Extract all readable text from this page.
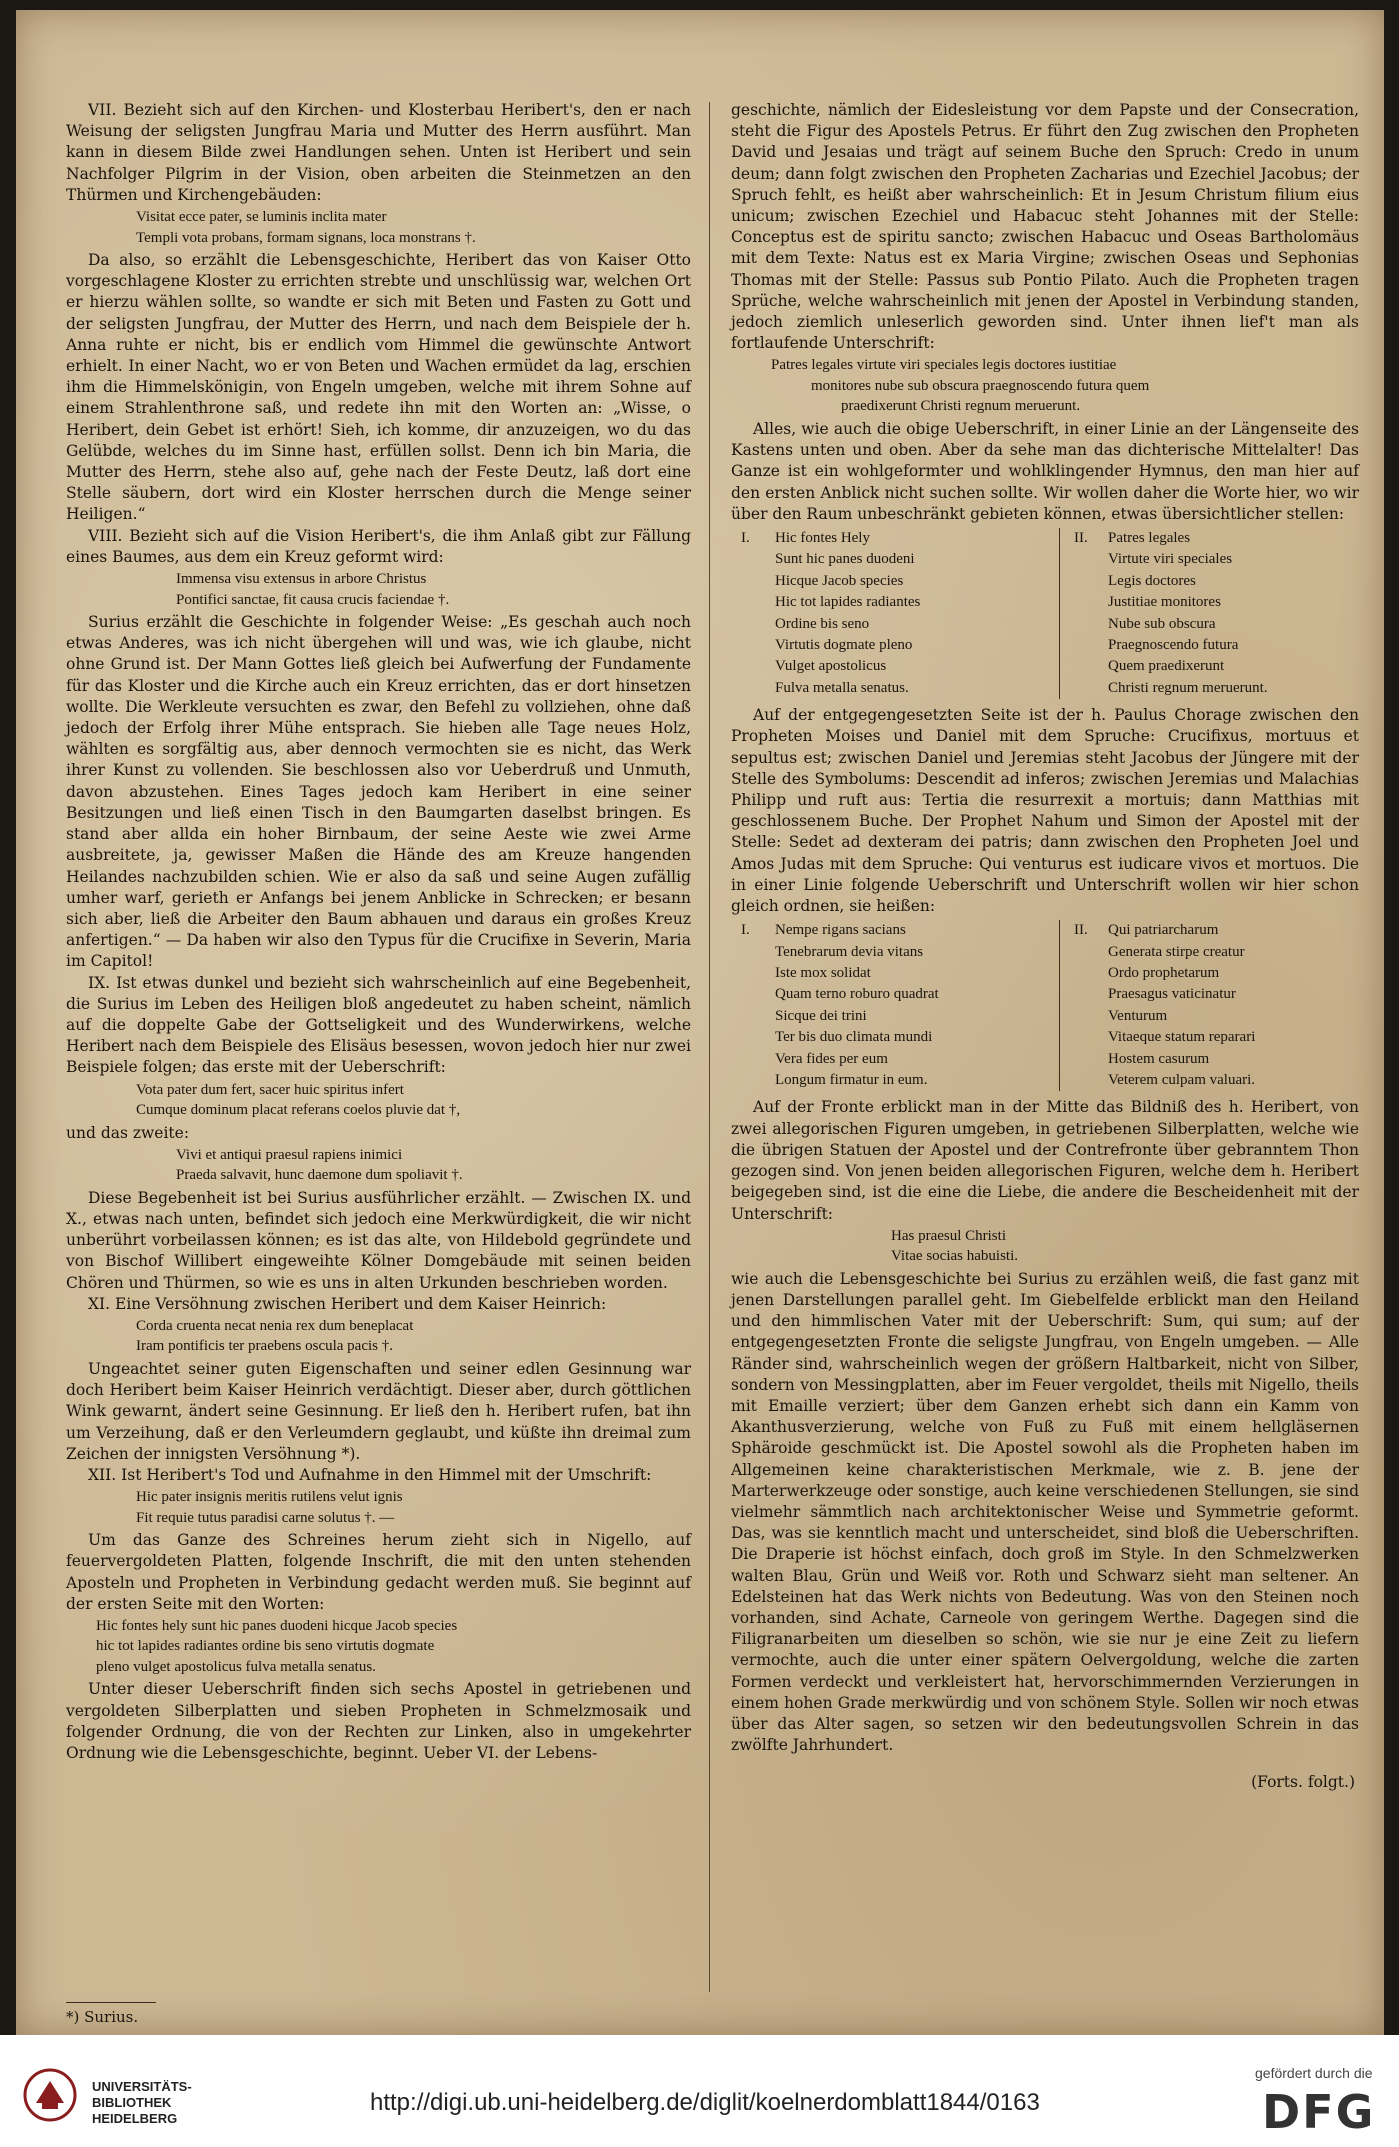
VII. Bezieht sich auf den Kirchen- und Klosterbau Heribert's, den er nach Weisung der seligsten Jungfrau Maria und Mutter des Herrn ausführt. Man kann in diesem Bilde zwei Handlungen sehen. Unten ist Heribert und sein Nachfolger Pilgrim in der Vision, oben arbeiten die Steinmetzen an den Thürmen und Kirchengebäuden:

Visitat ecce pater, se luminis inclita mater
Templi vota probans, formam signans, loca monstrans †.

Da also, so erzählt die Lebensgeschichte, Heribert das von Kaiser Otto vorgeschlagene Kloster zu errichten strebte und unschlüssig war, welchen Ort er hierzu wählen sollte, so wandte er sich mit Beten und Fasten zu Gott und der seligsten Jungfrau, der Mutter des Herrn, und nach dem Beispiele der h. Anna ruhte er nicht, bis er endlich vom Himmel die gewünschte Antwort erhielt. In einer Nacht, wo er von Beten und Wachen ermüdet da lag, erschien ihm die Himmelskönigin, von Engeln umgeben, welche mit ihrem Sohne auf einem Strahlenthrone saß, und redete ihn mit den Worten an: „Wisse, o Heribert, dein Gebet ist erhört! Sieh, ich komme, dir anzuzeigen, wo du das Gelübde, welches du im Sinne hast, erfüllen sollst. Denn ich bin Maria, die Mutter des Herrn, stehe also auf, gehe nach der Feste Deutz, laß dort eine Stelle säubern, dort wird ein Kloster herrschen durch die Menge seiner Heiligen.“

VIII. Bezieht sich auf die Vision Heribert's, die ihm Anlaß gibt zur Fällung eines Baumes, aus dem ein Kreuz geformt wird:

Immensa visu extensus in arbore Christus
Pontifici sanctae, fit causa crucis faciendae †.

Surius erzählt die Geschichte in folgender Weise: „Es geschah auch noch etwas Anderes, was ich nicht übergehen will und was, wie ich glaube, nicht ohne Grund ist. Der Mann Gottes ließ gleich bei Aufwerfung der Fundamente für das Kloster und die Kirche auch ein Kreuz errichten, das er dort hinsetzen wollte. Die Werkleute versuchten es zwar, den Befehl zu vollziehen, ohne daß jedoch der Erfolg ihrer Mühe entsprach. Sie hieben alle Tage neues Holz, wählten es sorgfältig aus, aber dennoch vermochten sie es nicht, das Werk ihrer Kunst zu vollenden. Sie beschlossen also vor Ueberdruß und Unmuth, davon abzustehen. Eines Tages jedoch kam Heribert in eine seiner Besitzungen und ließ einen Tisch in den Baumgarten daselbst bringen. Es stand aber allda ein hoher Birnbaum, der seine Aeste wie zwei Arme ausbreitete, ja, gewisser Maßen die Hände des am Kreuze hangenden Heilandes nachzubilden schien. Wie er also da saß und seine Augen zufällig umher warf, gerieth er Anfangs bei jenem Anblicke in Schrecken; er besann sich aber, ließ die Arbeiter den Baum abhauen und daraus ein großes Kreuz anfertigen.“ — Da haben wir also den Typus für die Crucifixe in Severin, Maria im Capitol!

IX. Ist etwas dunkel und bezieht sich wahrscheinlich auf eine Begebenheit, die Surius im Leben des Heiligen bloß angedeutet zu haben scheint, nämlich auf die doppelte Gabe der Gottseligkeit und des Wunderwirkens, welche Heribert nach dem Beispiele des Elisäus besessen, wovon jedoch hier nur zwei Beispiele folgen; das erste mit der Ueberschrift:

Vota pater dum fert, sacer huic spiritus infert
Cumque dominum placat referans coelos pluvie dat †,

und das zweite:

Vivi et antiqui praesul rapiens inimici
Praeda salvavit, hunc daemone dum spoliavit †.

Diese Begebenheit ist bei Surius ausführlicher erzählt. — Zwischen IX. und X., etwas nach unten, befindet sich jedoch eine Merkwürdigkeit, die wir nicht unberührt vorbeilassen können; es ist das alte, von Hildebold gegründete und von Bischof Willibert eingeweihte Kölner Domgebäude mit seinen beiden Chören und Thürmen, so wie es uns in alten Urkunden beschrieben worden.

XI. Eine Versöhnung zwischen Heribert und dem Kaiser Heinrich:

Corda cruenta necat nenia rex dum beneplacat
Iram pontificis ter praebens oscula pacis †.

Ungeachtet seiner guten Eigenschaften und seiner edlen Gesinnung war doch Heribert beim Kaiser Heinrich verdächtigt. Dieser aber, durch göttlichen Wink gewarnt, ändert seine Gesinnung. Er ließ den h. Heribert rufen, bat ihn um Verzeihung, daß er den Verleumdern geglaubt, und küßte ihn dreimal zum Zeichen der innigsten Versöhnung *).

XII. Ist Heribert's Tod und Aufnahme in den Himmel mit der Umschrift:

Hic pater insignis meritis rutilens velut ignis
Fit requie tutus paradisi carne solutus †. —

Um das Ganze des Schreines herum zieht sich in Nigello, auf feuervergoldeten Platten, folgende Inschrift, die mit den unten stehenden Aposteln und Propheten in Verbindung gedacht werden muß. Sie beginnt auf der ersten Seite mit den Worten:

Hic fontes hely sunt hic panes duodeni hicque Jacob species
hic tot lapides radiantes ordine bis seno virtutis dogmate
pleno vulget apostolicus fulva metalla senatus.

Unter dieser Ueberschrift finden sich sechs Apostel in getriebenen und vergoldeten Silberplatten und sieben Propheten in Schmelzmosaik und folgender Ordnung, die von der Rechten zur Linken, also in umgekehrter Ordnung wie die Lebensgeschichte, beginnt. Ueber VI. der Lebens-

geschichte, nämlich der Eidesleistung vor dem Papste und der Consecration, steht die Figur des Apostels Petrus. Er führt den Zug zwischen den Propheten David und Jesaias und trägt auf seinem Buche den Spruch: Credo in unum deum; dann folgt zwischen den Propheten Zacharias und Ezechiel Jacobus; der Spruch fehlt, es heißt aber wahrscheinlich: Et in Jesum Christum filium eius unicum; zwischen Ezechiel und Habacuc steht Johannes mit der Stelle: Conceptus est de spiritu sancto; zwischen Habacuc und Oseas Bartholomäus mit dem Texte: Natus est ex Maria Virgine; zwischen Oseas und Sephonias Thomas mit der Stelle: Passus sub Pontio Pilato. Auch die Propheten tragen Sprüche, welche wahrscheinlich mit jenen der Apostel in Verbindung standen, jedoch ziemlich unleserlich geworden sind. Unter ihnen lief't man als fortlaufende Unterschrift:

Patres legales virtute viri speciales legis doctores iustitiae
monitores nube sub obscura praegnoscendo futura quem
praedixerunt Christi regnum meruerunt.

Alles, wie auch die obige Ueberschrift, in einer Linie an der Längenseite des Kastens unten und oben. Aber da sehe man das dichterische Mittelalter! Das Ganze ist ein wohlgeformter und wohlklingender Hymnus, den man hier auf den ersten Anblick nicht suchen sollte. Wir wollen daher die Worte hier, wo wir über den Raum unbeschränkt gebieten können, etwas übersichtlicher stellen:

I. Hic fontes Hely
Sunt hic panes duodeni
Hicque Jacob species
Hic tot lapides radiantes
Ordine bis seno
Virtutis dogmate pleno
Vulget apostolicus
Fulva metalla senatus.
II. Patres legales
Virtute viri speciales
Legis doctores
Justitiae monitores
Nube sub obscura
Praegnoscendo futura
Quem praedixerunt
Christi regnum meruerunt.

Auf der entgegengesetzten Seite ist der h. Paulus Chorage zwischen den Propheten Moises und Daniel mit dem Spruche: Crucifixus, mortuus et sepultus est; zwischen Daniel und Jeremias steht Jacobus der Jüngere mit der Stelle des Symbolums: Descendit ad inferos; zwischen Jeremias und Malachias Philipp und ruft aus: Tertia die resurrexit a mortuis; dann Matthias mit geschlossenem Buche. Der Prophet Nahum und Simon der Apostel mit der Stelle: Sedet ad dexteram dei patris; dann zwischen den Propheten Joel und Amos Judas mit dem Spruche: Qui venturus est iudicare vivos et mortuos. Die in einer Linie folgende Ueberschrift und Unterschrift wollen wir hier schon gleich ordnen, sie heißen:

I. Nempe rigans sacians
Tenebrarum devia vitans
Iste mox solidat
Quam terno roburo quadrat
Sicque dei trini
Ter bis duo climata mundi
Vera fides per eum
Longum firmatur in eum.
II. Qui patriarcharum
Generata stirpe creatur
Ordo prophetarum
Praesagus vaticinatur
Venturum
Vitaeque statum reparari
Hostem casurum
Veterem culpam valuari.

Auf der Fronte erblickt man in der Mitte das Bildniß des h. Heribert, von zwei allegorischen Figuren umgeben, in getriebenen Silberplatten, welche wie die übrigen Statuen der Apostel und der Contrefronte über gebranntem Thon gezogen sind. Von jenen beiden allegorischen Figuren, welche dem h. Heribert beigegeben sind, ist die eine die Liebe, die andere die Bescheidenheit mit der Unterschrift:

Has praesul Christi
Vitae socias habuisti.

wie auch die Lebensgeschichte bei Surius zu erzählen weiß, die fast ganz mit jenen Darstellungen parallel geht. Im Giebelfelde erblickt man den Heiland und den himmlischen Vater mit der Ueberschrift: Sum, qui sum; auf der entgegengesetzten Fronte die seligste Jungfrau, von Engeln umgeben. — Alle Ränder sind, wahrscheinlich wegen der größern Haltbarkeit, nicht von Silber, sondern von Messingplatten, aber im Feuer vergoldet, theils mit Nigello, theils mit Emaille verziert; über dem Ganzen erhebt sich dann ein Kamm von Akanthusverzierung, welche von Fuß zu Fuß mit einem hellgläsernen Sphäroide geschmückt ist. Die Apostel sowohl als die Propheten haben im Allgemeinen keine charakteristischen Merkmale, wie z. B. jene der Marterwerkzeuge oder sonstige, auch keine verschiedenen Stellungen, sie sind vielmehr sämmtlich nach architektonischer Weise und Symmetrie geformt. Das, was sie kenntlich macht und unterscheidet, sind bloß die Ueberschriften. Die Draperie ist höchst einfach, doch groß im Style. In den Schmelzwerken walten Blau, Grün und Weiß vor. Roth und Schwarz sieht man seltener. An Edelsteinen hat das Werk nichts von Bedeutung. Was von den Steinen noch vorhanden, sind Achate, Carneole von geringem Werthe. Dagegen sind die Filigranarbeiten um dieselben so schön, wie sie nur je eine Zeit zu liefern vermochte, auch die unter einer spätern Oelvergoldung, welche die zarten Formen verdeckt und verkleistert hat, hervorschimmernden Verzierungen in einem hohen Grade merkwürdig und von schönem Style. Sollen wir noch etwas über das Alter sagen, so setzen wir den bedeutungsvollen Schrein in das zwölfte Jahrhundert.

(Forts. folgt.)
*) Surius.
UNIVERSITÄTS-
BIBLIOTHEK
HEIDELBERG
http://digi.ub.uni-heidelberg.de/diglit/koelnerdomblatt1844/0163
gefördert durch die
DFG
